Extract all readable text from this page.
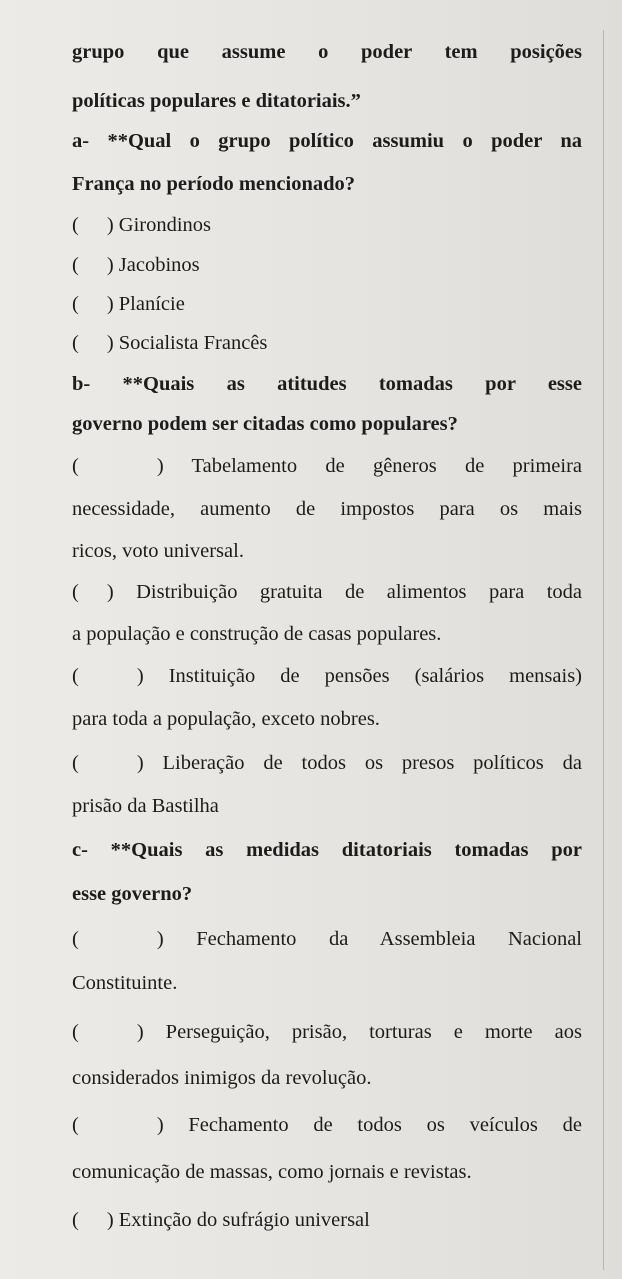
grupo que assume o poder tem posições
políticas populares e ditatoriais.”
a- **Qual o grupo político assumiu o poder na
França no período mencionado?
( ) Girondinos
( ) Jacobinos
( ) Planície
( ) Socialista Francês
b- **Quais as atitudes tomadas por esse
governo podem ser citadas como populares?
(	) Tabelamento de gêneros de primeira
necessidade, aumento de impostos para os mais
ricos, voto universal.
( ) Distribuição gratuita de alimentos para toda
a população e construção de casas populares.
(	) Instituição de pensões (salários mensais)
para toda a população, exceto nobres.
(	) Liberação de todos os presos políticos da
prisão da Bastilha
c- **Quais as medidas ditatoriais tomadas por
esse governo?
(	) Fechamento da Assembleia Nacional
Constituinte.
(	) Perseguição, prisão, torturas e morte aos
considerados inimigos da revolução.
(	) Fechamento de todos os veículos de
comunicação de massas, como jornais e revistas.
( ) Extinção do sufrágio universal
